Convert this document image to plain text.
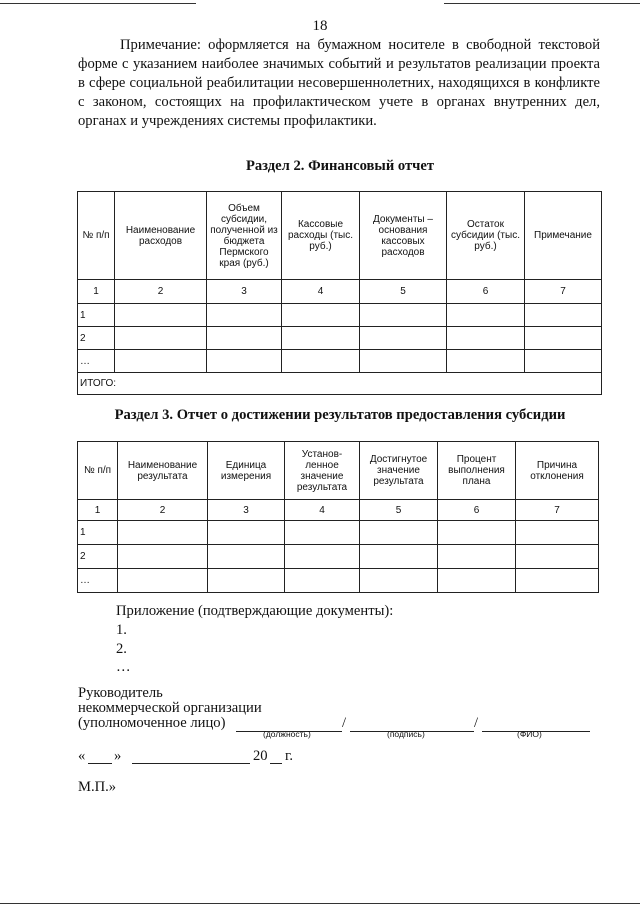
18
Примечание: оформляется на бумажном носителе в свободной текстовой форме с указанием наиболее значимых событий и результатов реализации проекта в сфере социальной реабилитации несовершеннолетних, находящихся в конфликте с законом, состоящих на профилактическом учете в органах внутренних дел, органах и учреждениях системы профилактики.
Раздел 2. Финансовый отчет
№ п/п	Наименование расходов	Объем субсидии, полученной из бюджета Пермского края (руб.)	Кассовые расходы (тыс. руб.)	Документы – основания кассовых расходов	Остаток субсидии (тыс. руб.)	Примечание
1	2	3	4	5	6	7
1						
2						
…						
ИТОГО:						
Раздел 3. Отчет о достижении результатов предоставления субсидии
№ п/п	Наименование результата	Единица измерения	Установ-ленное значение результата	Достигнутое значение результата	Процент выполнения плана	Причина отклонения
1	2	3	4	5	6	7
1						
2						
…						
Приложение (подтверждающие документы):
1.
2.
…
Руководитель
некоммерческой организации
(уполномоченное лицо)	/	/
(должность)	(подпись)	(ФИО)
« »	20 г.
М.П.»
